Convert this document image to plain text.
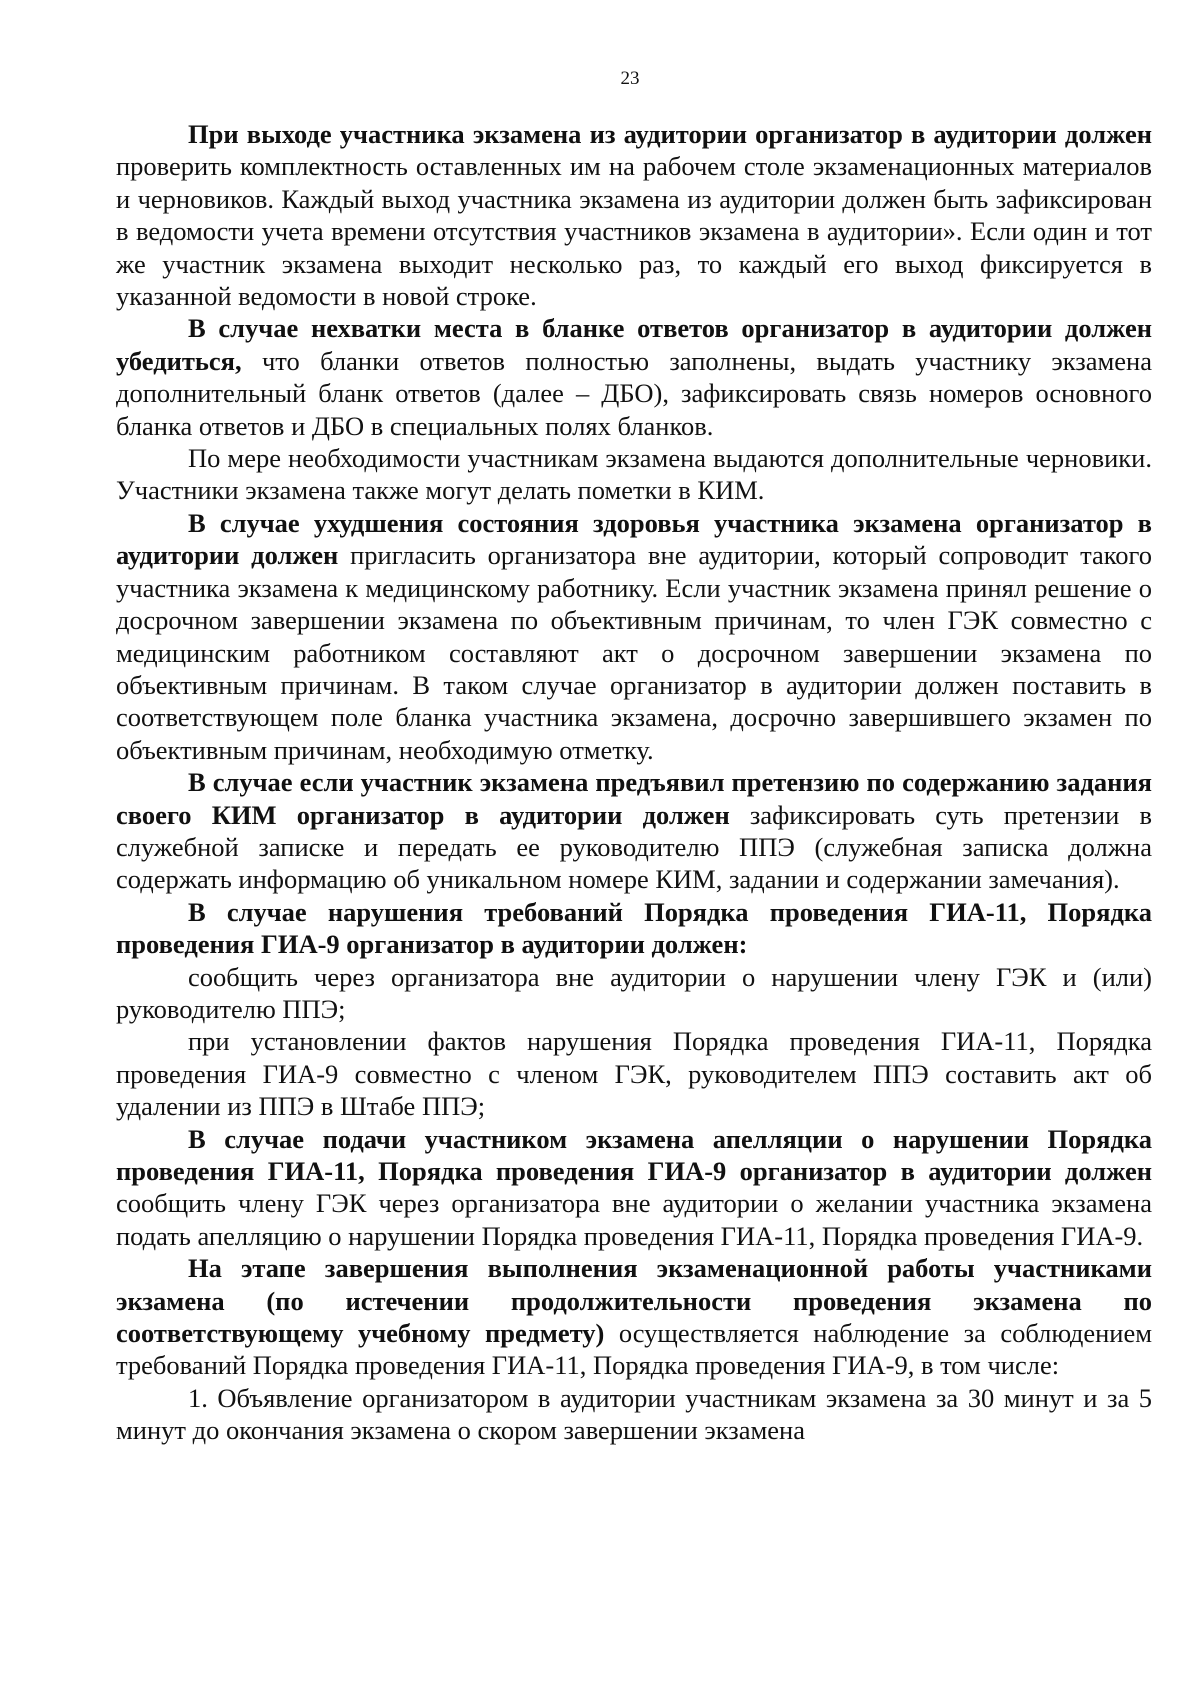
23

При выходе участника экзамена из аудитории организатор в аудитории должен проверить комплектность оставленных им на рабочем столе экзаменационных материалов и черновиков. Каждый выход участника экзамена из аудитории должен быть зафиксирован в ведомости учета времени отсутствия участников экзамена в аудитории». Если один и тот же участник экзамена выходит несколько раз, то каждый его выход фиксируется в указанной ведомости в новой строке.

В случае нехватки места в бланке ответов организатор в аудитории должен убедиться, что бланки ответов полностью заполнены, выдать участнику экзамена дополнительный бланк ответов (далее – ДБО), зафиксировать связь номеров основного бланка ответов и ДБО в специальных полях бланков.

По мере необходимости участникам экзамена выдаются дополнительные черновики. Участники экзамена также могут делать пометки в КИМ.

В случае ухудшения состояния здоровья участника экзамена организатор в аудитории должен пригласить организатора вне аудитории, который сопроводит такого участника экзамена к медицинскому работнику. Если участник экзамена принял решение о досрочном завершении экзамена по объективным причинам, то член ГЭК совместно с медицинским работником составляют акт о досрочном завершении экзамена по объективным причинам. В таком случае организатор в аудитории должен поставить в соответствующем поле бланка участника экзамена, досрочно завершившего экзамен по объективным причинам, необходимую отметку.

В случае если участник экзамена предъявил претензию по содержанию задания своего КИМ организатор в аудитории должен зафиксировать суть претензии в служебной записке и передать ее руководителю ППЭ (служебная записка должна содержать информацию об уникальном номере КИМ, задании и содержании замечания).

В случае нарушения требований Порядка проведения ГИА-11, Порядка проведения ГИА-9 организатор в аудитории должен:

сообщить через организатора вне аудитории о нарушении члену ГЭК и (или) руководителю ППЭ;

при установлении фактов нарушения Порядка проведения ГИА-11, Порядка проведения ГИА-9 совместно с членом ГЭК, руководителем ППЭ составить акт об удалении из ППЭ в Штабе ППЭ;

В случае подачи участником экзамена апелляции о нарушении Порядка проведения ГИА-11, Порядка проведения ГИА-9 организатор в аудитории должен сообщить члену ГЭК через организатора вне аудитории о желании участника экзамена подать апелляцию о нарушении Порядка проведения ГИА-11, Порядка проведения ГИА-9.

На этапе завершения выполнения экзаменационной работы участниками экзамена (по истечении продолжительности проведения экзамена по соответствующему учебному предмету) осуществляется наблюдение за соблюдением требований Порядка проведения ГИА-11, Порядка проведения ГИА-9, в том числе:

1. Объявление организатором в аудитории участникам экзамена за 30 минут и за 5 минут до окончания экзамена о скором завершении экзамена
